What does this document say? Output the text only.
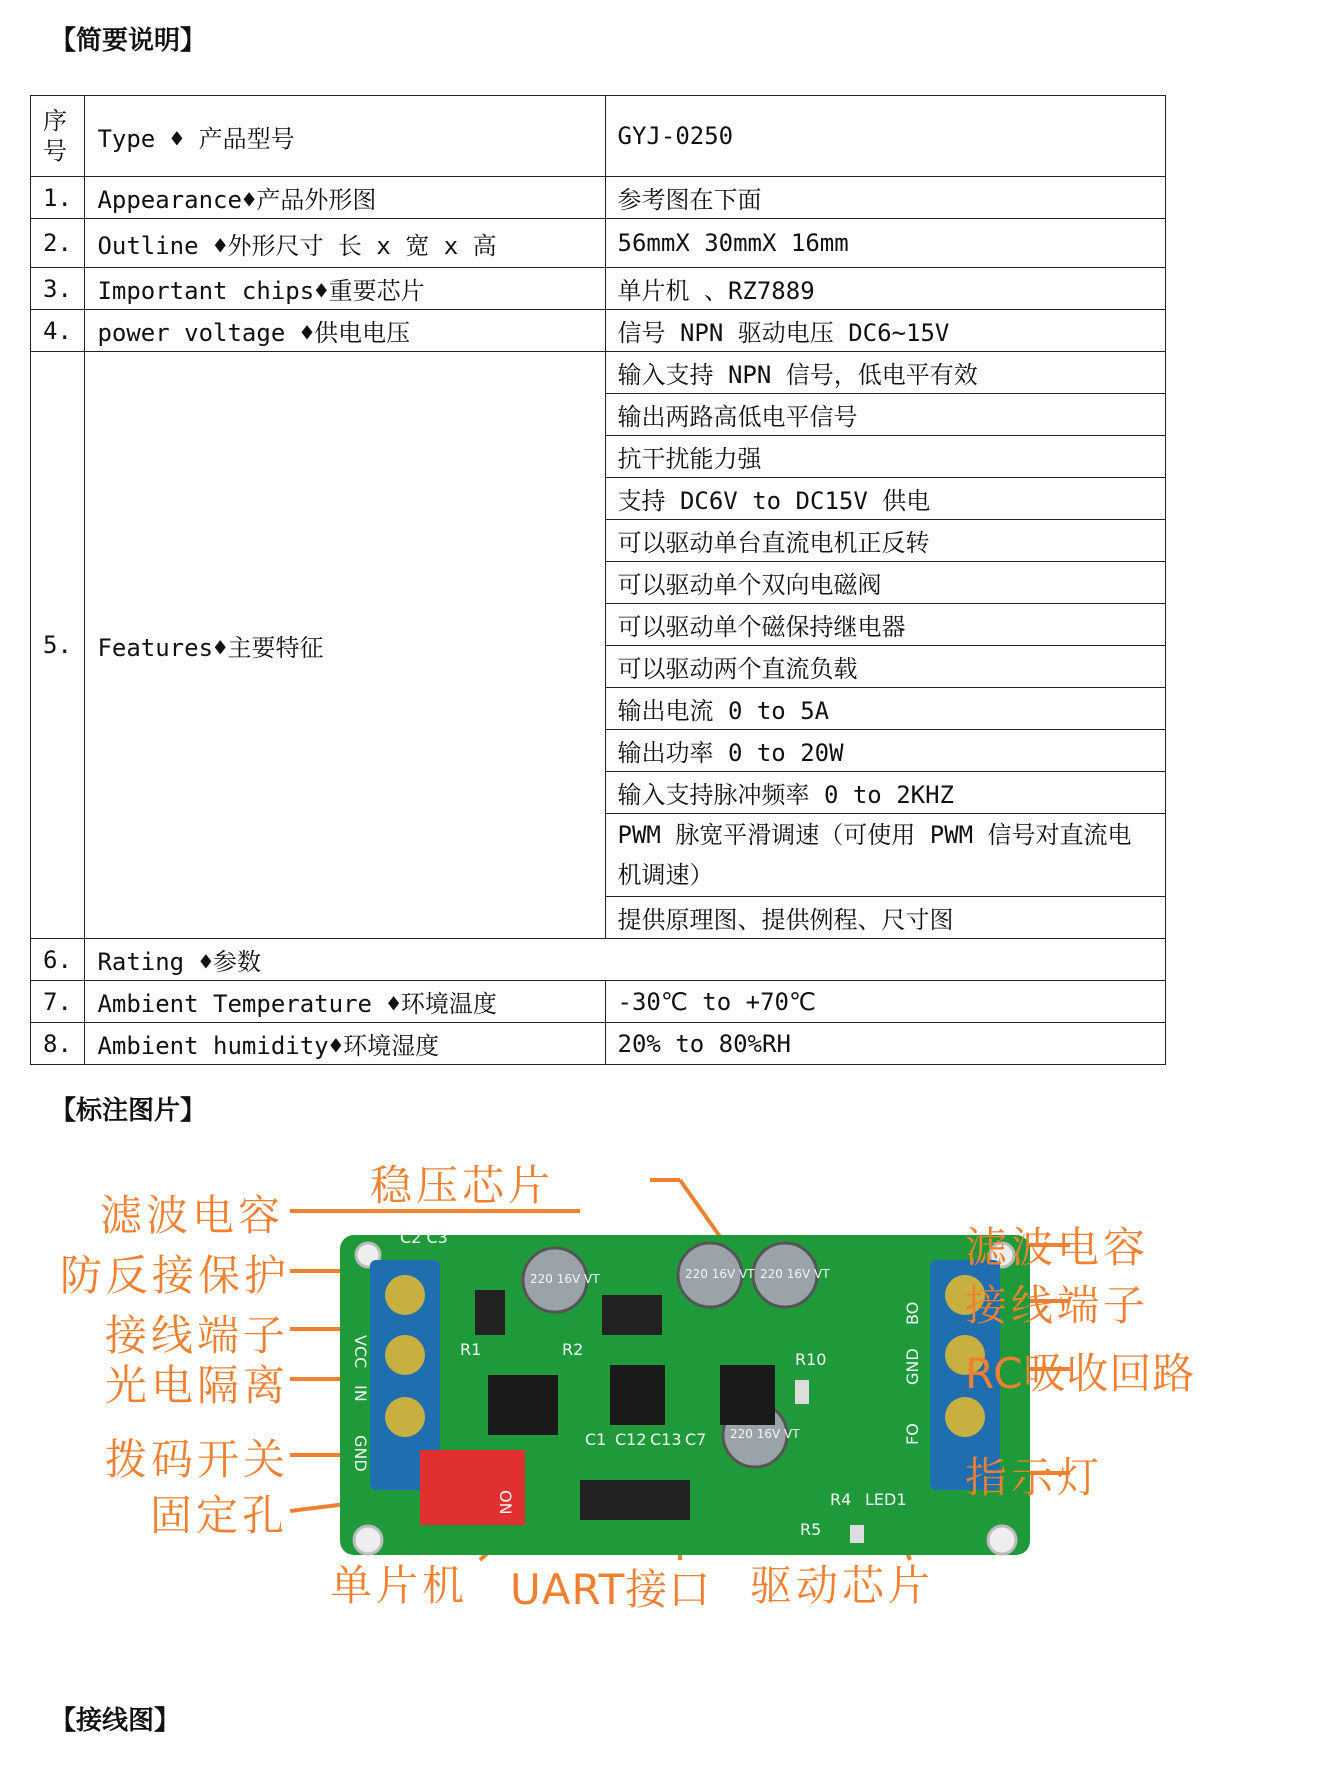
【简要说明】
序号	Type ♦ 产品型号	GYJ-0250
1.	Appearance♦产品外形图	参考图在下面
2.	Outline ♦外形尺寸 长 x 宽 x 高	56mmX 30mmX 16mm
3.	Important chips♦重要芯片	单片机 、RZ7889
4.	power voltage ♦供电电压	信号 NPN 驱动电压 DC6~15V
5.	Features♦主要特征	输入支持 NPN 信号，低电平有效
		输出两路高低电平信号
		抗干扰能力强
		支持 DC6V to DC15V 供电
		可以驱动单台直流电机正反转
		可以驱动单个双向电磁阀
		可以驱动单个磁保持继电器
		可以驱动两个直流负载
		输出电流 0 to 5A
		输出功率 0 to 20W
		输入支持脉冲频率 0 to 2KHZ
		PWM 脉宽平滑调速（可使用 PWM 信号对直流电机调速）
		提供原理图、提供例程、尺寸图
6.	Rating ♦参数	
7.	Ambient Temperature ♦环境温度	-30℃ to +70℃
8.	Ambient humidity♦环境湿度	20% to 80%RH
【标注图片】
C2 C3
VCC
IN
GND
BO
GND
FO
ON
R1	R2
C1 C12 C13 C7
R4
R5
LED1
R10
220 16V VT	220 16V VT 220 16V VT
220 16V VT
稳压芯片
滤波电容
防反接保护
接线端子
光电隔离
拨码开关
固定孔
单片机 UART接口 驱动芯片
滤波电容
接线端子
RC吸收回路
指示灯
【接线图】
